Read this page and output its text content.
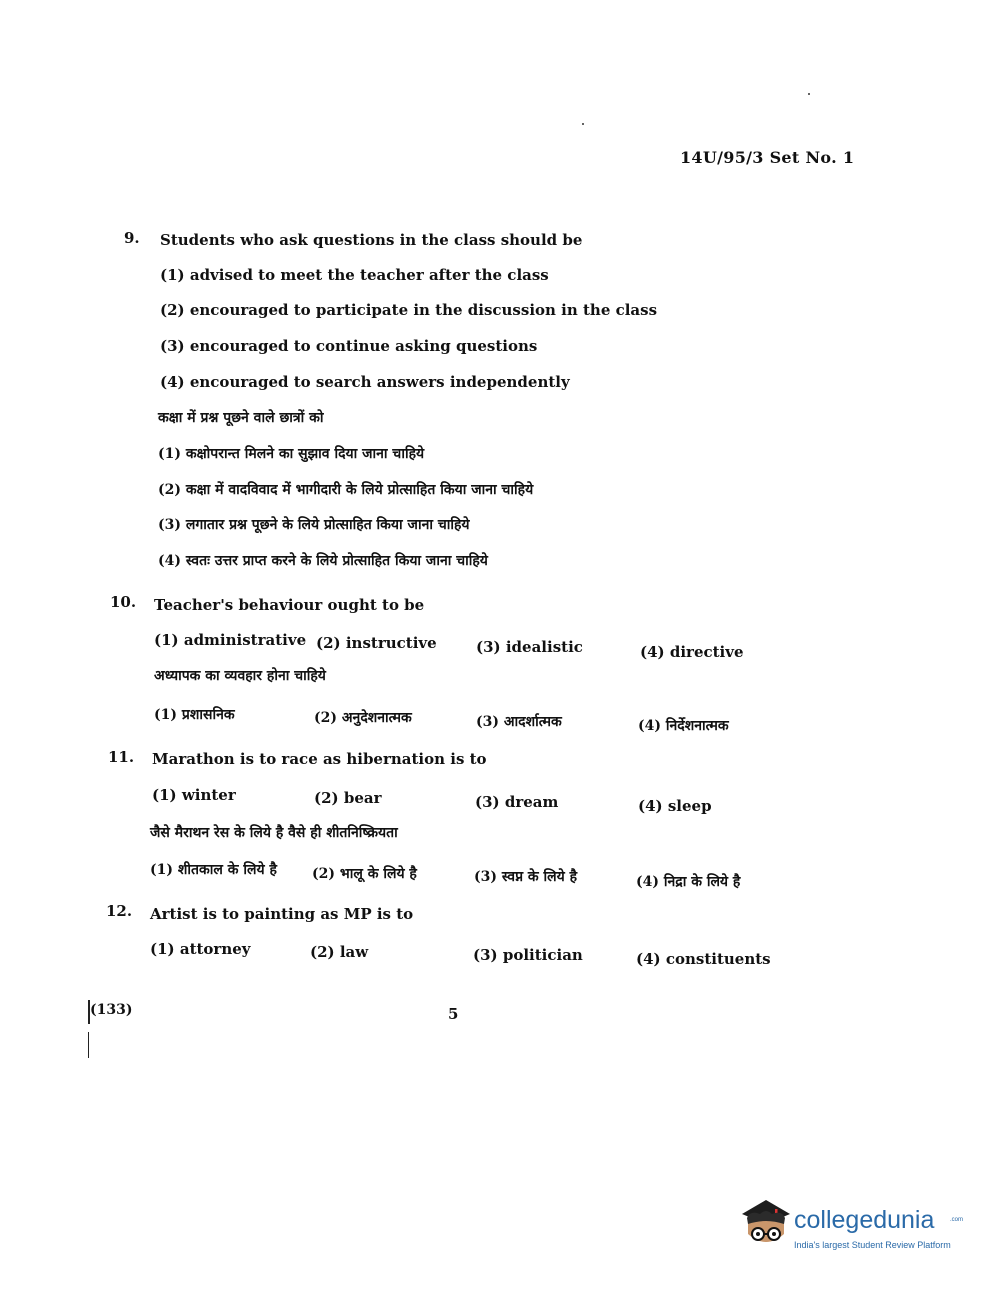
14U/95/3 Set No. 1
9. Students who ask questions in the class should be
(1) advised to meet the teacher after the class
(2) encouraged to participate in the discussion in the class
(3) encouraged to continue asking questions
(4) encouraged to search answers independently
कक्षा में प्रश्न पूछने वाले छात्रों को
(1) कक्षोपरान्त मिलने का सुझाव दिया जाना चाहिये
(2) कक्षा में वादविवाद में भागीदारी के लिये प्रोत्साहित किया जाना चाहिये
(3) लगातार प्रश्न पूछने के लिये प्रोत्साहित किया जाना चाहिये
(4) स्वतः उत्तर प्राप्त करने के लिये प्रोत्साहित किया जाना चाहिये
10. Teacher's behaviour ought to be
(1) administrative (2) instructive	(3) idealistic	(4) directive
अध्यापक का व्यवहार होना चाहिये
(1) प्रशासनिक	(2) अनुदेशनात्मक	(3) आदर्शात्मक	(4) निर्देशनात्मक
11. Marathon is to race as hibernation is to
(1) winter	(2) bear	(3) dream	(4) sleep
जैसे मैराथन रेस के लिये है वैसे ही शीतनिष्क्रियता
(1) शीतकाल के लिये है	(2) भालू के लिये है	(3) स्वप्न के लिये है	(4) निद्रा के लिये है
12. Artist is to painting as MP is to
(1) attorney	(2) law	(3) politician	(4) constituents
(133)	5
collegedunia	.com
India's largest Student Review Platform
